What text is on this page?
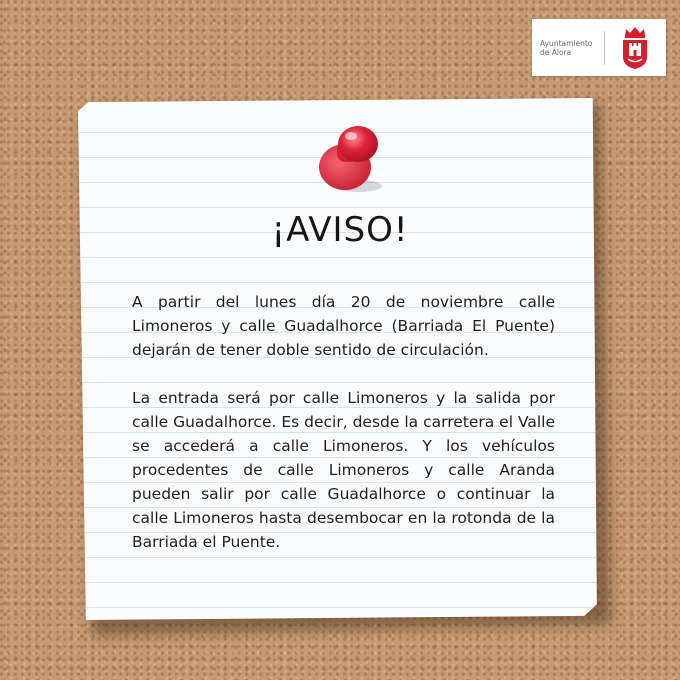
Ayuntamiento
de Álora
¡AVISO!

A partir del lunes día 20 de noviembre calle Limoneros y calle Guadalhorce (Barriada El Puente) dejarán de tener doble sentido de circulación.

La entrada será por calle Limoneros y la salida por calle Guadalhorce. Es decir, desde la carretera el Valle se accederá a calle Limoneros. Y los vehículos procedentes de calle Limoneros y calle Aranda pueden salir por calle Guadalhorce o continuar la calle Limoneros hasta desembocar en la rotonda de la Barriada el Puente.
